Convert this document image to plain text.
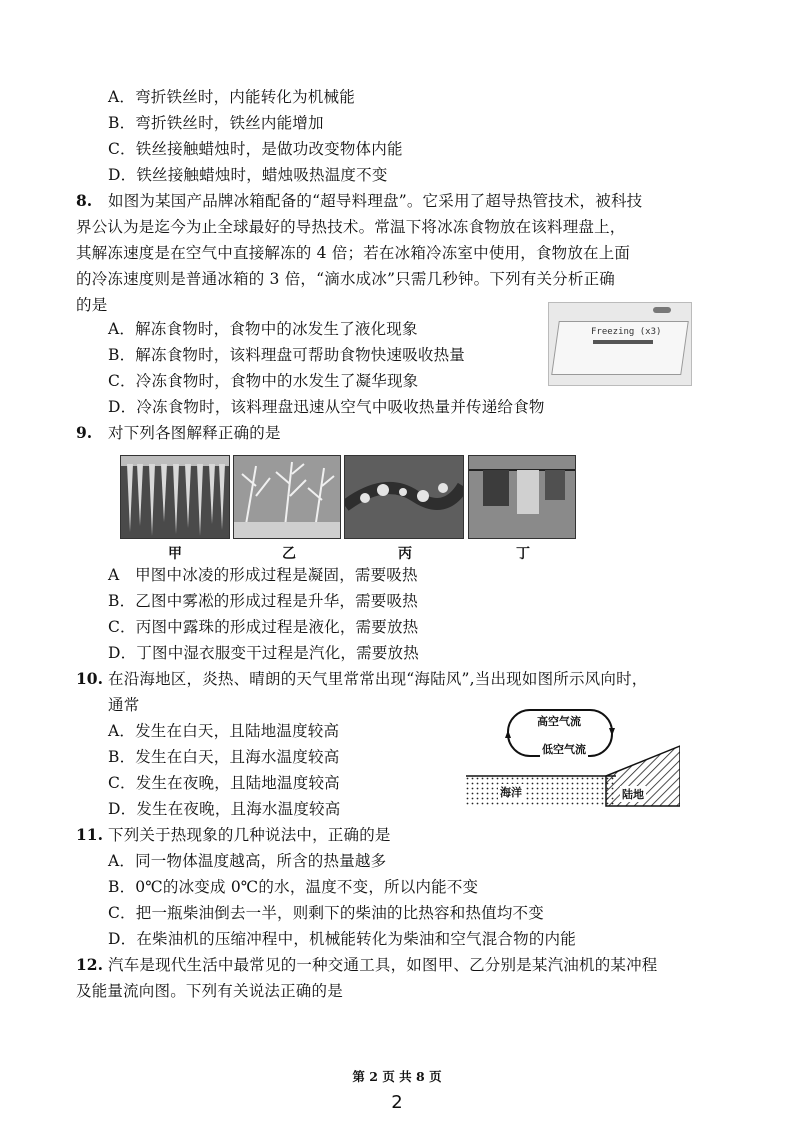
A．弯折铁丝时，内能转化为机械能
B．弯折铁丝时，铁丝内能增加
C．铁丝接触蜡烛时，是做功改变物体内能
D．铁丝接触蜡烛时，蜡烛吸热温度不变
8. 如图为某国产品牌冰箱配备的“超导料理盘”。它采用了超导热管技术，被科技
界公认为是迄今为止全球最好的导热技术。常温下将冰冻食物放在该料理盘上，
其解冻速度是在空气中直接解冻的 4 倍；若在冰箱冷冻室中使用，食物放在上面
的冷冻速度则是普通冰箱的 3 倍，“滴水成冰”只需几秒钟。下列有关分析正确
的是
A．解冻食物时，食物中的冰发生了液化现象
B．解冻食物时，该料理盘可帮助食物快速吸收热量
C．冷冻食物时，食物中的水发生了凝华现象
D．冷冻食物时，该料理盘迅速从空气中吸收热量并传递给食物
Freezing (x3)
9. 对下列各图解释正确的是
甲	乙	丙	丁
A　甲图中冰凌的形成过程是凝固，需要吸热
B．乙图中雾凇的形成过程是升华，需要吸热
C．丙图中露珠的形成过程是液化，需要放热
D．丁图中湿衣服变干过程是汽化，需要放热
10. 在沿海地区，炎热、晴朗的天气里常常出现“海陆风”,当出现如图所示风向时，
通常
A．发生在白天，且陆地温度较高
B．发生在白天，且海水温度较高
C．发生在夜晚，且陆地温度较高
D．发生在夜晚，且海水温度较高
高空气流
低空气流
海洋	陆地
11. 下列关于热现象的几种说法中，正确的是
A．同一物体温度越高，所含的热量越多
B．0℃的冰变成 0℃的水，温度不变，所以内能不变
C．把一瓶柴油倒去一半，则剩下的柴油的比热容和热值均不变
D．在柴油机的压缩冲程中，机械能转化为柴油和空气混合物的内能
12. 汽车是现代生活中最常见的一种交通工具，如图甲、乙分别是某汽油机的某冲程
及能量流向图。下列有关说法正确的是
第 2 页 共 8 页
2
